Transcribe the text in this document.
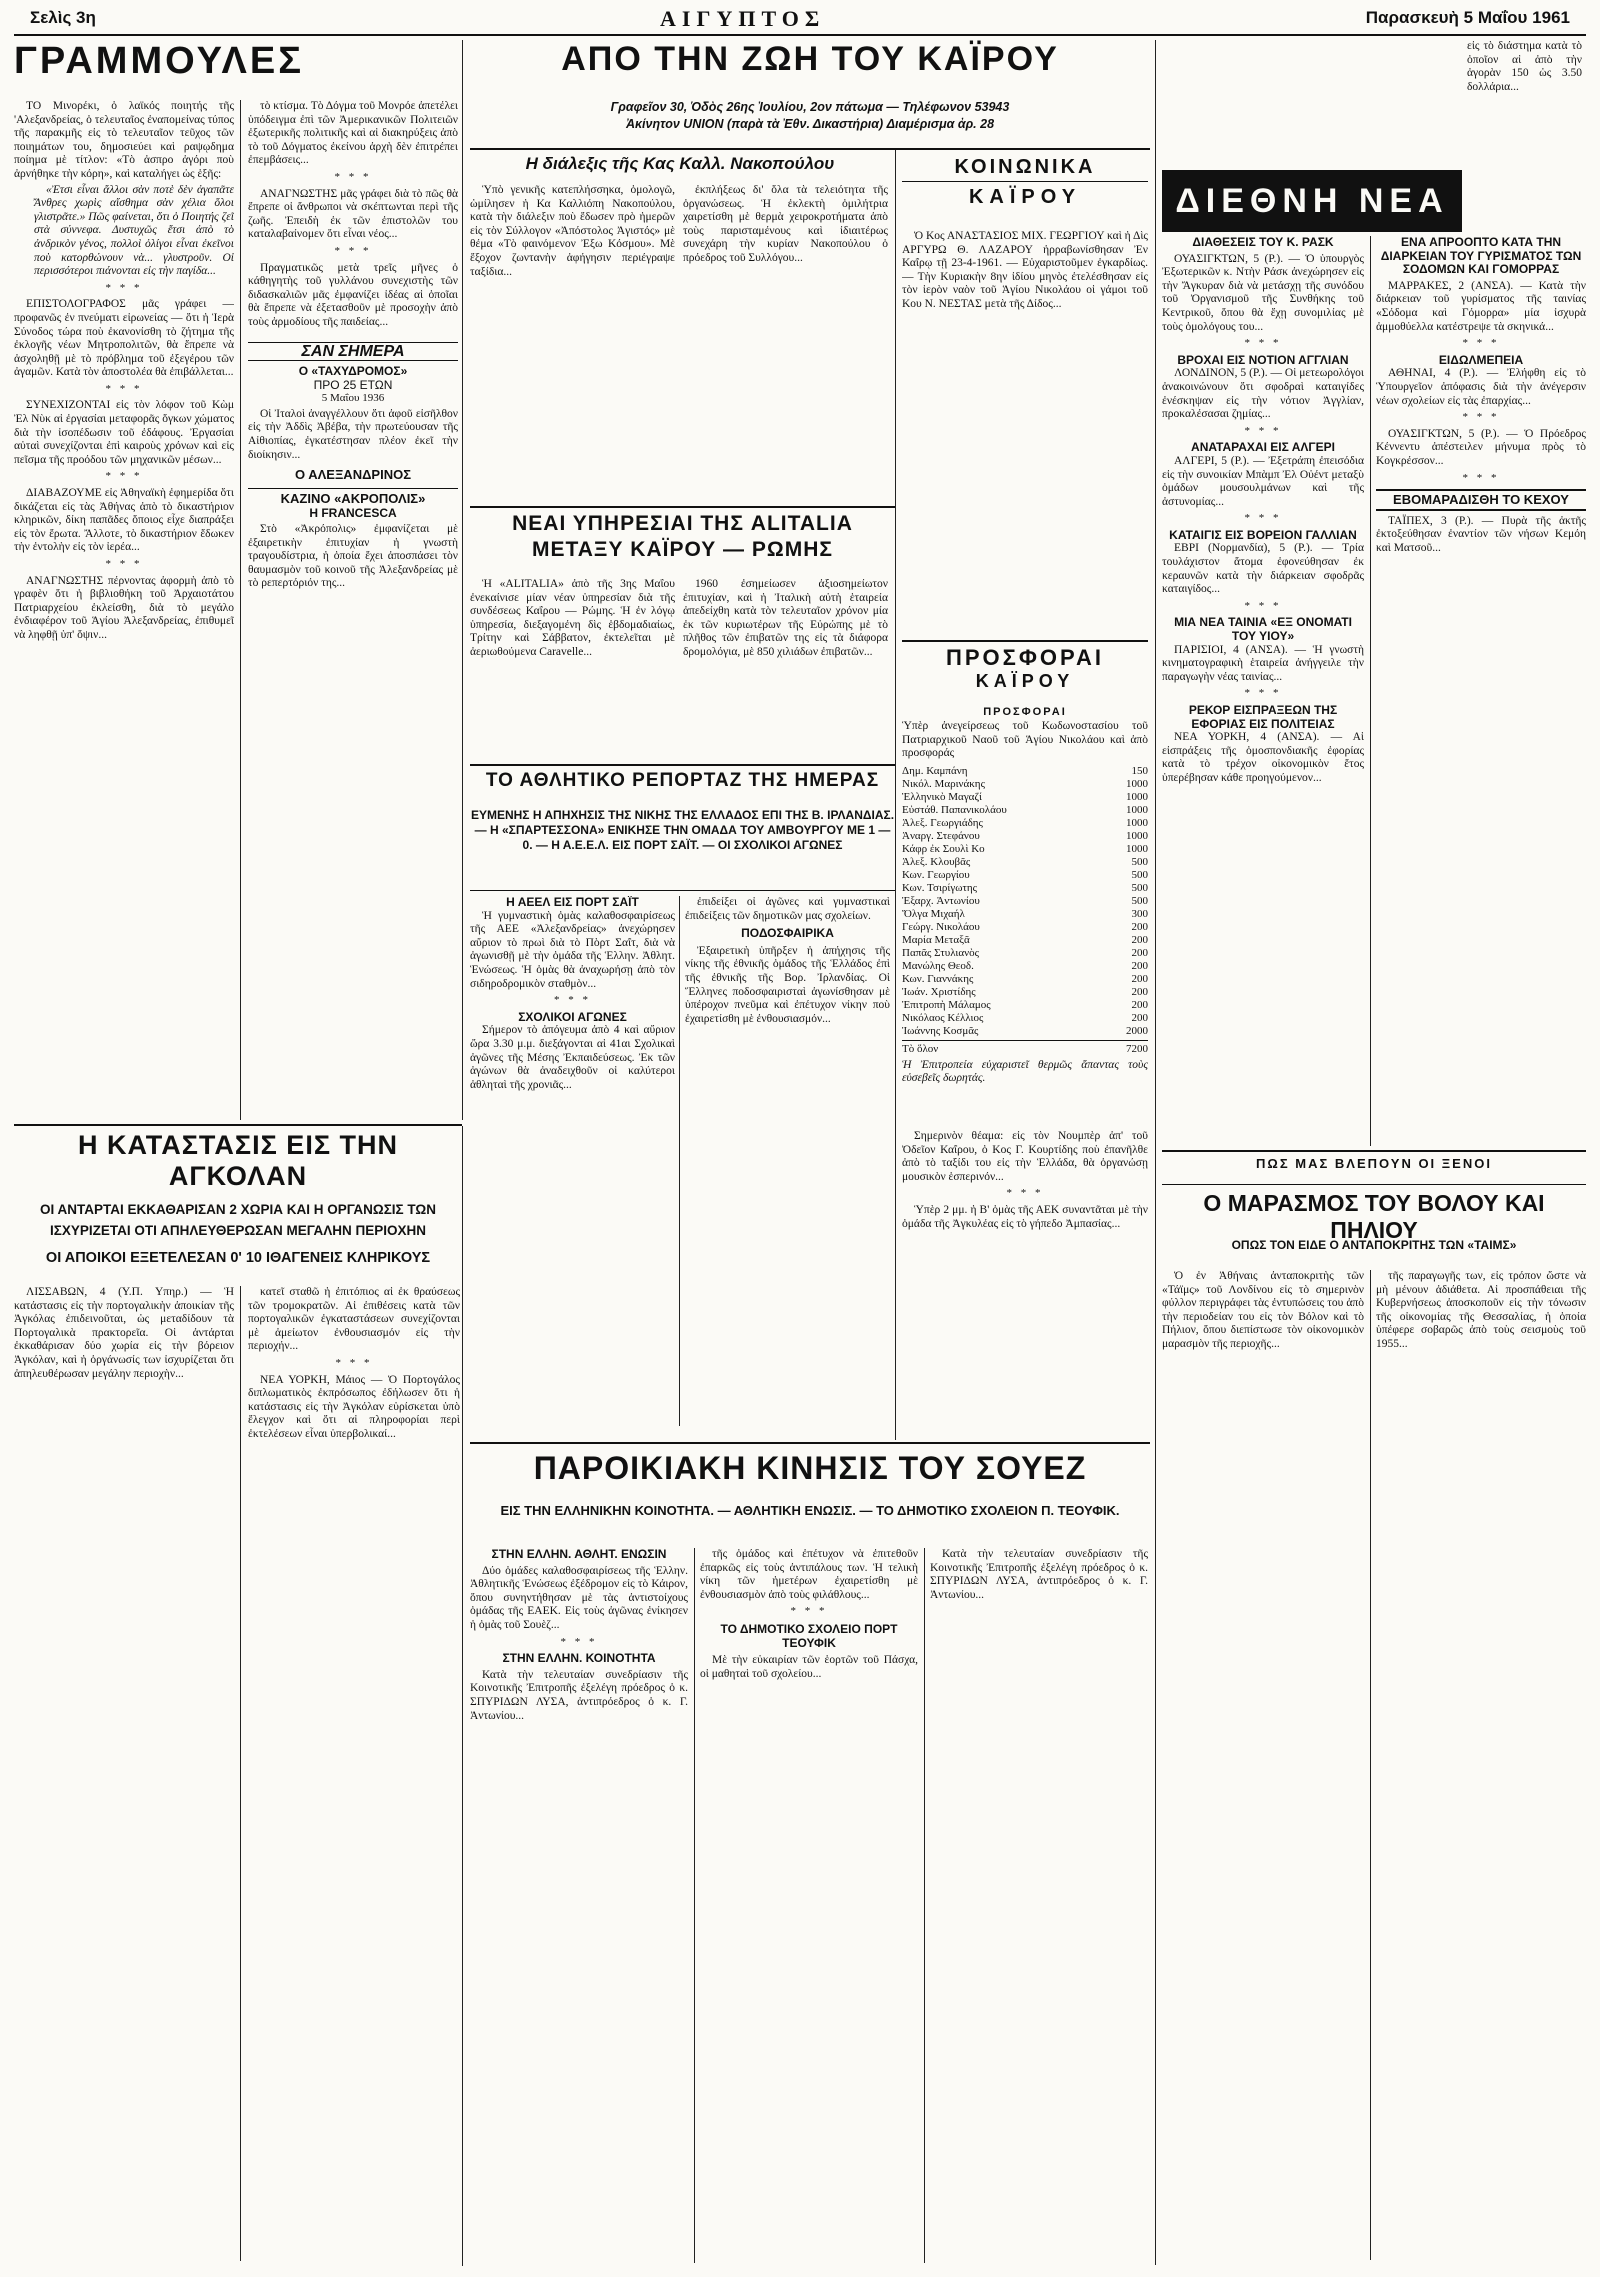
Σελὶς 3η	ΑΙΓΥΠΤΟΣ	Παρασκευὴ 5 Μαΐου 1961
ΓΡΑΜΜΟΥΛΕΣ

ΤΟ Μινορέκι, ὁ λαϊκός ποιητής τῆς 'Αλεξανδρείας, ὁ τελευταῖος ἐναπομείνας τύπος τῆς παρακμῆς εἰς τὸ τελευταῖον τεῦχος τῶν ποιημάτων του, δημοσιεύει καὶ ραψῳδημα ποίημα μὲ τίτλον: «Τὸ ἀσπρο ἀγόρι ποὺ ἀρνήθηκε τὴν κόρη», καὶ καταλήγει ὡς ἑξῆς:

«Ἐτσι εἶναι ἄλλοι σὰν ποτὲ δὲν ἀγαπᾶτε Ἄνθρες χωρὶς αἴσθημα σὰν χέλια ὅλοι γλιστρᾶτε.» Πῶς φαίνεται, ὅτι ὁ Ποιητής ζεῖ στὰ σύννεφα. Δυστυχῶς ἔτσι ἀπὸ τὸ ἀνδρικὸν γένος, πολλοὶ ὀλίγοι εἶναι ἐκεῖνοι ποὺ κατορθώνουν νὰ... γλυστροῦν. Οἱ περισσότεροι πιάνονται εἰς τὴν παγίδα...

* * *

ΕΠΙΣΤΟΛΟΓΡΑΦΟΣ μᾶς γράφει — προφανῶς ἐν πνεύματι εἰρωνείας — ὅτι ἡ Ἱερὰ Σύνοδος τώρα ποὺ ἐκανονίσθη τὸ ζήτημα τῆς ἐκλογῆς νέων Μητροπολιτῶν, θὰ ἔπρεπε νὰ ἀσχοληθῇ μὲ τὸ πρόβλημα τοῦ ἐξεγέρου τῶν ἀγαμῶν. Κατὰ τὸν ἀποστολέα θὰ ἐπιβάλλεται...

* * *

ΣΥΝΕΧΙΖΟΝΤΑΙ εἰς τὸν λόφον τοῦ Κὼμ Ἐλ Νὺκ αἱ ἐργασίαι μεταφορᾶς ὄγκων χώματος διὰ τὴν ἰσοπέδωσιν τοῦ ἐδάφους. Ἐργασίαι αὐταὶ συνεχίζονται ἐπὶ καιροὺς χρόνων καὶ εἰς πεῖσμα τῆς προόδου τῶν μηχανικῶν μέσων...

* * *

ΔΙΑΒΑΖΟΥΜΕ εἰς Ἀθηναϊκὴ ἐφημερίδα ὅτι δικάζεται εἰς τὰς Ἀθήνας ἀπὸ τὸ δικαστήριον κληρικῶν, δίκη παπᾶδες ὅποιος εἶχε διαπράξει εἰς τὸν ἔρωτα. Ἄλλοτε, τὸ δικαστήριον ἔδωκεν τὴν ἐντολὴν εἰς τὸν ἱερέα...

* * *

ΑΝΑΓΝΩΣΤΗΣ πέρνοντας ἀφορμὴ ἀπὸ τὸ γραφὲν ὅτι ἡ βιβλιοθήκη τοῦ Ἀρχαιοτάτου Πατριαρχείου ἐκλείσθη, διὰ τὸ μεγάλο ἐνδιαφέρον τοῦ Ἁγίου Ἀλεξανδρείας, ἐπιθυμεῖ νὰ ληφθῇ ὑπ' ὄψιν...

τὸ κτίσμα. Τὸ Δόγμα τοῦ Μονρόε ἀπετέλει ὑπόδειγμα ἐπὶ τῶν Ἀμερικανικῶν Πολιτειῶν ἐξωτερικῆς πολιτικῆς καὶ αἱ διακηρύξεις ἀπὸ τὸ τοῦ Δόγματος ἐκείνου ἀρχὴ δὲν ἐπιτρέπει ἐπεμβάσεις...

* * *

ΑΝΑΓΝΩΣΤΗΣ μᾶς γράφει διὰ τὸ πῶς θὰ ἔπρεπε οἱ ἄνθρωποι νὰ σκέπτωνται περὶ τῆς ζωῆς. Ἐπειδὴ ἐκ τῶν ἐπιστολῶν του καταλαβαίνομεν ὅτι εἶναι νέος...

* * *

Πραγματικῶς μετὰ τρεῖς μῆνες ὁ κάθηγητὴς τοῦ γυλλάνου συνεχιστὴς τῶν διδασκαλιῶν μᾶς ἐμφανίζει ἰδέας αἱ ὁποῖαι θὰ ἔπρεπε νὰ ἐξετασθοῦν μὲ προσοχὴν ἀπὸ τοὺς ἁρμοδίους τῆς παιδείας...

ΣΑΝ ΣΗΜΕΡΑ
Ο «ΤΑΧΥΔΡΟΜΟΣ»
ΠΡΟ 25 ΕΤΩΝ
5 Μαΐου 1936

Οἱ Ἰταλοὶ ἀναγγέλλουν ὅτι ἀφοῦ εἰσῆλθον εἰς τὴν Ἀδδὶς Ἀβέβα, τὴν πρωτεύουσαν τῆς Αἰθιοπίας, ἐγκατέστησαν πλέον ἐκεῖ τὴν διοίκησιν...

Ο ΑΛΕΞΑΝΔΡΙΝΟΣ
ΚΑΖΙΝΟ «ΑΚΡΟΠΟΛΙΣ»
Η FRANCESCA

Στὸ «Ἀκρόπολις» ἐμφανίζεται μὲ ἐξαιρετικὴν ἐπιτυχίαν ἡ γνωστὴ τραγουδίστρια, ἡ ὁποία ἔχει ἀποσπάσει τὸν θαυμασμὸν τοῦ κοινοῦ τῆς Ἀλεξανδρείας μὲ τὸ ρεπερτόριόν της...

Η ΚΑΤΑΣΤΑΣΙΣ ΕΙΣ ΤΗΝ ΑΓΚΟΛΑΝ
ΟΙ ΑΝΤΑΡΤΑΙ ΕΚΚΑΘΑΡΙΣΑΝ 2 ΧΩΡΙΑ ΚΑΙ Η ΟΡΓΑΝΩΣΙΣ ΤΩΝ
ΙΣΧΥΡΙΖΕΤΑΙ ΟΤΙ ΑΠΗΛΕΥΘΕΡΩΣΑΝ ΜΕΓΑΛΗΝ ΠΕΡΙΟΧΗΝ
ΟΙ ΑΠΟΙΚΟΙ ΕΞΕΤΕΛΕΣΑΝ 0' 10 ΙΘΑΓΕΝΕΙΣ ΚΛΗΡΙΚΟΥΣ

ΛΙΣΣΑΒΩΝ, 4 (Υ.Π. Υπηρ.) — Ἡ κατάστασις εἰς τὴν πορτογαλικὴν ἀποικίαν τῆς Ἀγκόλας ἐπιδεινοῦται, ὡς μεταδίδουν τὰ Πορτογαλικὰ πρακτορεῖα. Οἱ ἀντάρται ἐκκαθάρισαν δύο χωρία εἰς τὴν βόρειον Ἀγκόλαν, καὶ ἡ ὀργάνωσίς των ἰσχυρίζεται ὅτι ἀπηλευθέρωσαν μεγάλην περιοχὴν...

κατεῖ σταθῶ ἡ ἐπιτόπιος αἱ ἐκ θραύσεως τῶν τρομοκρατῶν. Αἱ ἐπιθέσεις κατὰ τῶν πορτογαλικῶν ἐγκαταστάσεων συνεχίζονται μὲ ἀμείωτον ἐνθουσιασμόν εἰς τὴν περιοχήν...

* * *

ΝΕΑ ΥΟΡΚΗ, Μάιος — Ὁ Πορτογάλος διπλωματικὸς ἐκπρόσωπος ἐδήλωσεν ὅτι ἡ κατάστασις εἰς τὴν Ἀγκόλαν εὑρίσκεται ὑπὸ ἔλεγχον καὶ ὅτι αἱ πληροφορίαι περὶ ἐκτελέσεων εἶναι ὑπερβολικαί...

ΑΠΟ ΤΗΝ ΖΩΗ ΤΟΥ ΚΑΪΡΟΥ
Γραφεῖον 30, Ὁδὸς 26ης Ἰουλίου, 2ον πάτωμα — Τηλέφωνον 53943
Ἀκίνητον UNION (παρὰ τὰ Ἐθν. Δικαστήρια) Διαμέρισμα ἀρ. 28
Η διάλεξις τῆς Κας Καλλ. Νακοπούλου

Ὑπὸ γενικῆς κατεπλήσσηκα, ὁμολογῶ, ὡμίλησεν ἡ Κα Καλλιόπη Νακοπούλου, κατὰ τὴν διάλεξιν ποὺ ἔδωσεν πρὸ ἡμερῶν εἰς τὸν Σύλλογον «Ἀπόστολος Ἀγιστός» μὲ θέμα «Τὸ φαινόμενον Ἐξω Κόσμου». Μὲ ἔξοχον ζωντανὴν ἀφήγησιν περιέγραψε ταξίδια...

ἐκπλήξεως δι' ὅλα τὰ τελειότητα τῆς ὀργανώσεως. Ἡ ἐκλεκτὴ ὁμιλήτρια χαιρετίσθη μὲ θερμὰ χειροκροτήματα ἀπὸ τοὺς παρισταμένους καὶ ἰδιαιτέρως συνεχάρη τὴν κυρίαν Νακοπούλου ὁ πρόεδρος τοῦ Συλλόγου...

ΚΟΙΝΩΝΙΚΑ
ΚΑΪΡΟΥ

Ὁ Κος ΑΝΑΣΤΑΣΙΟΣ ΜΙΧ. ΓΕΩΡΓΙΟΥ καὶ ἡ Δὶς ΑΡΓΥΡΩ Θ. ΛΑΖΑΡΟΥ ἠρραβωνίσθησαν Ἐν Καΐρῳ τῇ 23-4-1961. — Εὐχαριστοῦμεν ἐγκαρδίως. — Τὴν Κυριακὴν 8ην ἰδίου μηνὸς ἐτελέσθησαν εἰς τὸν ἱερὸν ναὸν τοῦ Ἁγίου Νικολάου οἱ γάμοι τοῦ Κου Ν. ΝΕΣΤΑΣ μετὰ τῆς Δίδος...

ΝΕΑΙ ΥΠΗΡΕΣΙΑΙ ΤΗΣ ALITALIA
ΜΕΤΑΞΥ ΚΑΪΡΟΥ — ΡΩΜΗΣ

Ἡ «ALITALIA» ἀπὸ τῆς 3ης Μαΐου ἐνεκαίνισε μίαν νέαν ὑπηρεσίαν διὰ τῆς συνδέσεως Καΐρου — Ρώμης. Ἡ ἐν λόγῳ ὑπηρεσία, διεξαγομένη δὶς ἑβδομαδιαίως, Τρίτην καὶ Σάββατον, ἐκτελεῖται μὲ ἀεριωθούμενα Caravelle...

1960 ἐσημείωσεν ἀξιοσημείωτον ἐπιτυχίαν, καὶ ἡ Ἰταλικὴ αὐτὴ ἑταιρεία ἀπεδείχθη κατὰ τὸν τελευταῖον χρόνον μία ἐκ τῶν κυριωτέρων τῆς Εὐρώπης μὲ τὸ πλῆθος τῶν ἐπιβατῶν της εἰς τὰ διάφορα δρομολόγια, μὲ 850 χιλιάδων ἐπιβατῶν...

ΤΟ ΑΘΛΗΤΙΚΟ ΡΕΠΟΡΤΑΖ ΤΗΣ ΗΜΕΡΑΣ
ΕΥΜΕΝΗΣ Η ΑΠΗΧΗΣΙΣ ΤΗΣ ΝΙΚΗΣ ΤΗΣ ΕΛΛΑΔΟΣ ΕΠΙ ΤΗΣ Β. ΙΡΛΑΝΔΙΑΣ. — Η «ΣΠΑΡΤΕΣΣΟΝΑ» ΕΝΙΚΗΣΕ ΤΗΝ ΟΜΑΔΑ ΤΟΥ ΑΜΒΟΥΡΓΟΥ ΜΕ 1 — 0. — Η Α.Ε.Ε.Λ. ΕΙΣ ΠΟΡΤ ΣΑΪΤ. — ΟΙ ΣΧΟΛΙΚΟΙ ΑΓΩΝΕΣ
Η ΑΕΕΛ ΕΙΣ ΠΟΡΤ ΣΑΪΤ

Ἡ γυμναστικὴ ὁμὰς καλαθοσφαιρίσεως τῆς ΑΕΕ «Ἀλεξανδρείας» ἀνεχώρησεν αὔριον τὸ πρωὶ διὰ τὸ Πὸρτ Σαΐτ, διὰ νὰ ἀγωνισθῇ μὲ τὴν ὁμάδα τῆς Ἑλλην. Ἀθλητ. Ἑνώσεως. Ἡ ὁμὰς θὰ ἀναχωρήσῃ ἀπὸ τὸν σιδηροδρομικὸν σταθμὸν...

* * *
ΣΧΟΛΙΚΟΙ ΑΓΩΝΕΣ

Σήμερον τὸ ἀπόγευμα ἀπὸ 4 καὶ αὔριον ὥρα 3.30 μ.μ. διεξάγονται αἱ 41αι Σχολικαὶ ἀγῶνες τῆς Μέσης Ἐκπαιδεύσεως. Ἐκ τῶν ἀγώνων θὰ ἀναδειχθοῦν οἱ καλύτεροι ἀθληταὶ τῆς χρονιᾶς...

ἐπιδείξει οἱ ἀγῶνες καὶ γυμναστικαὶ ἐπιδείξεις τῶν δημοτικῶν μας σχολείων.

ΠΟΔΟΣΦΑΙΡΙΚΑ

Ἐξαιρετικὴ ὑπῆρξεν ἡ ἀπήχησις τῆς νίκης τῆς ἐθνικῆς ὁμάδος τῆς Ἑλλάδος ἐπὶ τῆς ἐθνικῆς τῆς Βορ. Ἰρλανδίας. Οἱ Ἕλληνες ποδοσφαιρισταὶ ἀγωνίσθησαν μὲ ὑπέροχον πνεῦμα καὶ ἐπέτυχον νίκην ποὺ ἐχαιρετίσθη μὲ ἐνθουσιασμόν...

ΠΡΟΣΦΟΡΑΙ
ΚΑΪΡΟΥ
ΠΡΟΣΦΟΡΑΙ
Ὑπὲρ ἀνεγείρσεως τοῦ Κωδωνοστασίου τοῦ Πατριαρχικοῦ Ναοῦ τοῦ Ἁγίου Νικολάου καὶ ἀπὸ προσφοράς
Δημ. Καμπάνη	150
Νικόλ. Μαρινάκης	1000
Ἑλληνικὸ Μαγαζί	1000
Εὐστάθ. Παπανικολάου	1000
Ἀλεξ. Γεωργιάδης	1000
Ἀναργ. Στεφάνου	1000
Κάφρ ἐκ Σουλὶ Κο	1000
Ἀλεξ. Κλουβᾶς	500
Κων. Γεωργίου	500
Κων. Τσιρίγωτης	500
Ἐξαρχ. Ἀντωνίου	500
Ὄλγα Μιχαήλ	300
Γεώργ. Νικολάου	200
Μαρία Μεταξᾶ	200
Παπᾶς Στυλιανὸς	200
Μανώλης Θεοδ.	200
Κων. Γιαννάκης	200
Ἰωάν. Χριστίδης	200
Ἐπιτροπὴ Μάλαμος	200
Νικόλαος Κέλλιος	200
Ἰωάννης Κοσμᾶς	2000
Τὸ ὅλον	7200
Ἡ Ἐπιτροπεία εὐχαριστεῖ θερμῶς ἅπαντας τοὺς εὐσεβεῖς δωρητάς.

Σημερινὸν θέαμα: εἰς τὸν Νουμπὲρ ἀπ' τοῦ Ὀδεῖον Καΐρου, ὁ Κος Γ. Κουρτίδης ποὺ ἐπανῆλθε ἀπὸ τὸ ταξίδι του εἰς τὴν Ἑλλάδα, θὰ ὀργανώσῃ μουσικὸν ἑσπερινόν...

* * *

Ὑπὲρ 2 μμ. ἡ Β' ὁμὰς τῆς ΑΕΚ συναντᾶται μὲ τὴν ὁμάδα τῆς Ἀγκυλέας εἰς τὸ γήπεδο Ἀμπασίας...

ΠΑΡΟΙΚΙΑΚΗ ΚΙΝΗΣΙΣ ΤΟΥ ΣΟΥΕΖ
ΕΙΣ ΤΗΝ ΕΛΛΗΝΙΚΗΝ ΚΟΙΝΟΤΗΤΑ. — ΑΘΛΗΤΙΚΗ ΕΝΩΣΙΣ. — ΤΟ ΔΗΜΟΤΙΚΟ ΣΧΟΛΕΙΟΝ Π. ΤΕΟΥΦΙΚ.
ΣΤΗΝ ΕΛΛΗΝ. ΑΘΛΗΤ. ΕΝΩΣΙΝ

Δύο ὁμάδες καλαθοσφαιρίσεως τῆς Ἑλλην. Ἀθλητικῆς Ἑνώσεως ἐξέδρομον εἰς τὸ Κάιρον, ὅπου συνηντήθησαν μὲ τὰς ἀντιστοίχους ὁμάδας τῆς ΕΑΕΚ. Εἰς τοὺς ἀγῶνας ἐνίκησεν ἡ ὁμὰς τοῦ Σουὲζ...

* * *
ΣΤΗΝ ΕΛΛΗΝ. ΚΟΙΝΟΤΗΤΑ

Κατὰ τὴν τελευταίαν συνεδρίασιν τῆς Κοινοτικῆς Ἐπιτροπῆς ἐξελέγη πρόεδρος ὁ κ. ΣΠΥΡΙΔΩΝ ΛΥΣΑ, ἀντιπρόεδρος ὁ κ. Γ. Ἀντωνίου...

τῆς ὁμάδος καὶ ἐπέτυχον νὰ ἐπιτεθοῦν ἐπαρκῶς εἰς τοὺς ἀντιπάλους των. Ἡ τελικὴ νίκη τῶν ἡμετέρων ἐχαιρετίσθη μὲ ἐνθουσιασμὸν ἀπὸ τοὺς φιλάθλους...

* * *
ΤΟ ΔΗΜΟΤΙΚΟ ΣΧΟΛΕΙΟ ΠΟΡΤ ΤΕΟΥΦΙΚ

Μὲ τὴν εὐκαιρίαν τῶν ἑορτῶν τοῦ Πάσχα, οἱ μαθηταὶ τοῦ σχολείου...

Κατὰ τὴν τελευταίαν συνεδρίασιν τῆς Κοινοτικῆς Ἐπιτροπῆς ἐξελέγη πρόεδρος ὁ κ. ΣΠΥΡΙΔΩΝ ΛΥΣΑ, ἀντιπρόεδρος ὁ κ. Γ. Ἀντωνίου...

ΔΙΕΘΝΗ ΝΕΑ
εἰς τὸ διάστημα κατὰ τὸ ὁποῖον αἱ ἀπὸ τὴν ἀγορὰν 150 ὡς 3.50 δολλάρια...
ΔΙΑΘΕΣΕΙΣ ΤΟΥ Κ. ΡΑΣΚ

ΟΥΑΣΙΓΚΤΩΝ, 5 (Ρ.). — Ὁ ὑπουργὸς Ἐξωτερικῶν κ. Ντὴν Ράσκ ἀνεχώρησεν εἰς τὴν Ἄγκυραν διὰ νὰ μετάσχῃ τῆς συνόδου τοῦ Ὀργανισμοῦ τῆς Συνθήκης τοῦ Κεντρικοῦ, ὅπου θὰ ἔχῃ συνομιλίας μὲ τοὺς ὁμολόγους του...

* * *
ΒΡΟΧΑΙ ΕΙΣ ΝΟΤΙΟΝ ΑΓΓΛΙΑΝ

ΛΟΝΔΙΝΟΝ, 5 (Ρ.). — Οἱ μετεωρολόγοι ἀνακοινώνουν ὅτι σφοδραὶ καταιγίδες ἐνέσκηψαν εἰς τὴν νότιον Ἀγγλίαν, προκαλέσασαι ζημίας...

* * *
ΑΝΑΤΑΡΑΧΑΙ ΕΙΣ ΑΛΓΕΡΙ

ΑΛΓΕΡΙ, 5 (Ρ.). — Ἐξετράπη ἐπεισόδια εἰς τὴν συνοικίαν Μπὰμπ Ἐλ Οὐέντ μεταξὺ ὁμάδων μουσουλμάνων καὶ τῆς ἀστυνομίας...

* * *
ΚΑΤΑΙΓΙΣ ΕΙΣ ΒΟΡΕΙΟΝ ΓΑΛΛΙΑΝ

ΕΒΡΙ (Νορμανδία), 5 (Ρ.). — Τρία τουλάχιστον ἄτομα ἐφονεύθησαν ἐκ κεραυνῶν κατὰ τὴν διάρκειαν σφοδρᾶς καταιγίδος...

* * *
ΜΙΑ ΝΕΑ ΤΑΙΝΙΑ «ΕΞ ΟΝΟΜΑΤΙ ΤΟΥ ΥΙΟΥ»

ΠΑΡΙΣΙΟΙ, 4 (ΑΝΣΑ). — Ἡ γνωστὴ κινηματογραφικὴ ἑταιρεία ἀνήγγειλε τὴν παραγωγὴν νέας ταινίας...

* * *
ΡΕΚΟΡ ΕΙΣΠΡΑΞΕΩΝ ΤΗΣ ΕΦΟΡΙΑΣ ΕΙΣ ΠΟΛΙΤΕΙΑΣ

ΝΕΑ ΥΟΡΚΗ, 4 (ΑΝΣΑ). — Αἱ εἰσπράξεις τῆς ὁμοσπονδιακῆς ἐφορίας κατὰ τὸ τρέχον οἰκονομικὸν ἔτος ὑπερέβησαν κάθε προηγούμενον...

ΕΝΑ ΑΠΡΟΟΠΤΟ ΚΑΤΑ ΤΗΝ ΔΙΑΡΚΕΙΑΝ ΤΟΥ ΓΥΡΙΣΜΑΤΟΣ ΤΩΝ ΣΟΔΟΜΩΝ ΚΑΙ ΓΟΜΟΡΡΑΣ

ΜΑΡΡΑΚΕΣ, 2 (ΑΝΣΑ). — Κατὰ τὴν διάρκειαν τοῦ γυρίσματος τῆς ταινίας «Σόδομα καὶ Γόμορρα» μία ἰσχυρὰ ἀμμοθύελλα κατέστρεψε τὰ σκηνικά...

* * *
ΕΙΔΩΛΜΕΠΕΙΑ

ΑΘΗΝΑΙ, 4 (Ρ.). — Ἐλήφθη εἰς τὸ Ὑπουργεῖον ἀπόφασις διὰ τὴν ἀνέγερσιν νέων σχολείων εἰς τὰς ἐπαρχίας...

* * *

ΟΥΑΣΙΓΚΤΩΝ, 5 (Ρ.). — Ὁ Πρόεδρος Κέννεντυ ἀπέστειλεν μήνυμα πρὸς τὸ Κογκρέσσον...

* * *
ΕΒΟΜΑΡΑΔΙΣΘΗ ΤΟ ΚΕΧΟΥ

ΤΑΪΠΕΧ, 3 (Ρ.). — Πυρὰ τῆς ἀκτῆς ἐκτοξεύθησαν ἐναντίον τῶν νήσων Κεμόη καὶ Ματσοῦ...

ΠΩΣ ΜΑΣ ΒΛΕΠΟΥΝ ΟΙ ΞΕΝΟΙ
Ο ΜΑΡΑΣΜΟΣ ΤΟΥ ΒΟΛΟΥ ΚΑΙ ΠΗΛΙΟΥ
ΟΠΩΣ ΤΟΝ ΕΙΔΕ Ο ΑΝΤΑΠΟΚΡΙΤΗΣ ΤΩΝ «ΤΑΙΜΣ»

Ὁ ἐν Ἀθήναις ἀνταποκριτὴς τῶν «Τάϊμς» τοῦ Λονδίνου εἰς τὸ σημερινὸν φύλλον περιγράφει τὰς ἐντυπώσεις του ἀπὸ τὴν περιοδείαν του εἰς τὸν Βόλον καὶ τὸ Πήλιον, ὅπου διεπίστωσε τὸν οἰκονομικὸν μαρασμὸν τῆς περιοχῆς...

τῆς παραγωγῆς των, εἰς τρόπον ὥστε νὰ μὴ μένουν ἀδιάθετα. Αἱ προσπάθειαι τῆς Κυβερνήσεως ἀποσκοποῦν εἰς τὴν τόνωσιν τῆς οἰκονομίας τῆς Θεσσαλίας, ἡ ὁποία ὑπέφερε σοβαρῶς ἀπὸ τοὺς σεισμοὺς τοῦ 1955...
